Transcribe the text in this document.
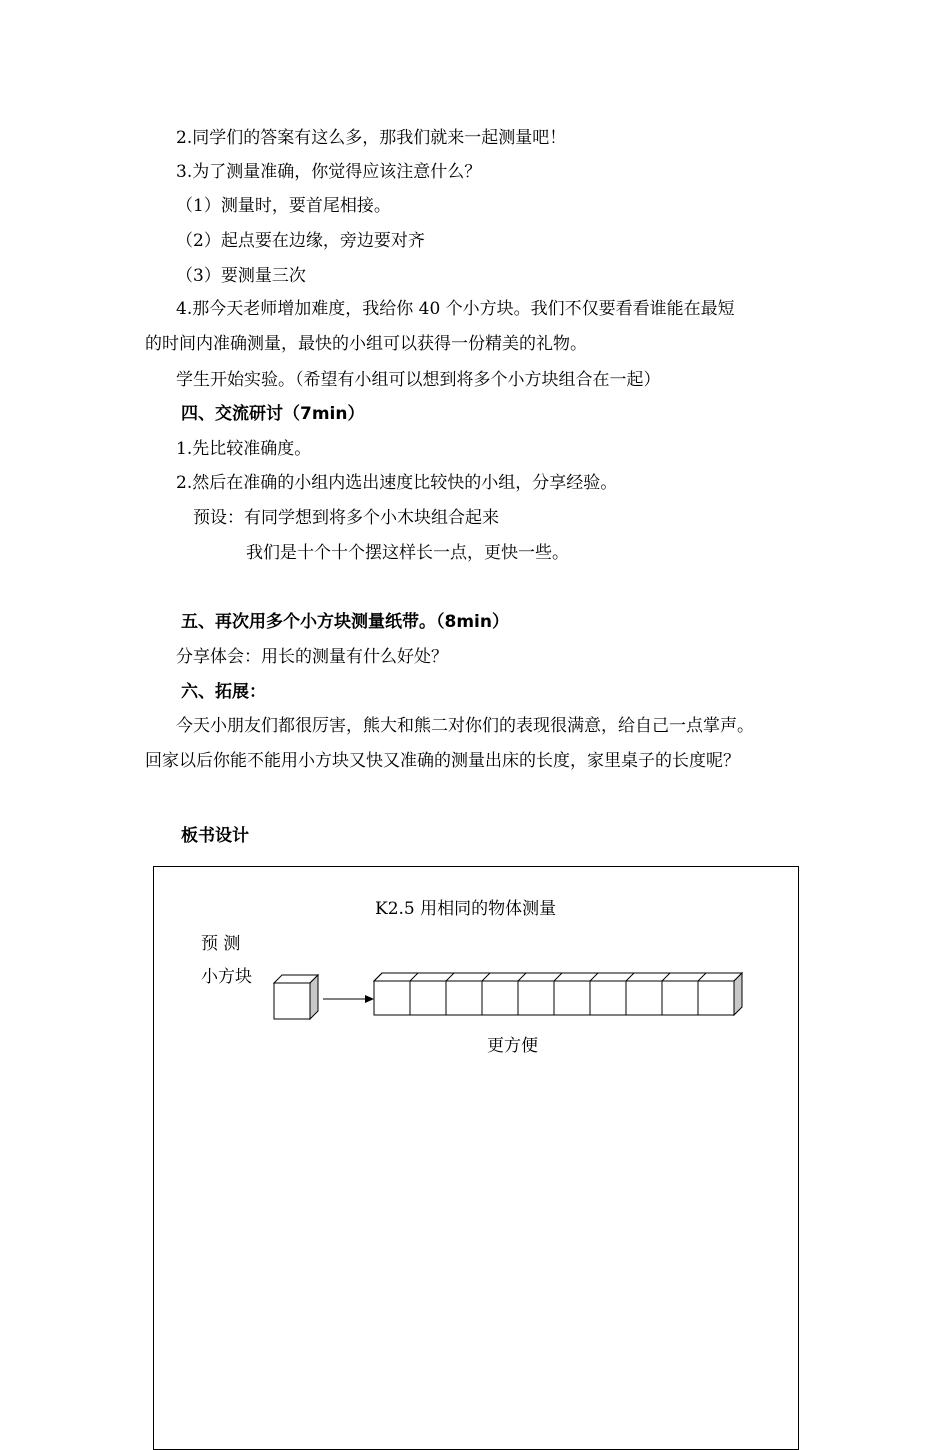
2.同学们的答案有这么多，那我们就来一起测量吧！
3.为了测量准确，你觉得应该注意什么？
（1）测量时，要首尾相接。
（2）起点要在边缘，旁边要对齐
（3）要测量三次
4.那今天老师增加难度，我给你 40 个小方块。我们不仅要看看谁能在最短
的时间内准确测量，最快的小组可以获得一份精美的礼物。
学生开始实验。（希望有小组可以想到将多个小方块组合在一起）
四、交流研讨（7min）
1.先比较准确度。
2.然后在准确的小组内选出速度比较快的小组，分享经验。
预设：有同学想到将多个小木块组合起来
我们是十个十个摆这样长一点，更快一些。
五、再次用多个小方块测量纸带。（8min）
分享体会：用长的测量有什么好处？
六、拓展：
今天小朋友们都很厉害，熊大和熊二对你们的表现很满意，给自己一点掌声。
回家以后你能不能用小方块又快又准确的测量出床的长度，家里桌子的长度呢？
板书设计
K2.5 用相同的物体测量
预 测
小方块
更方便
